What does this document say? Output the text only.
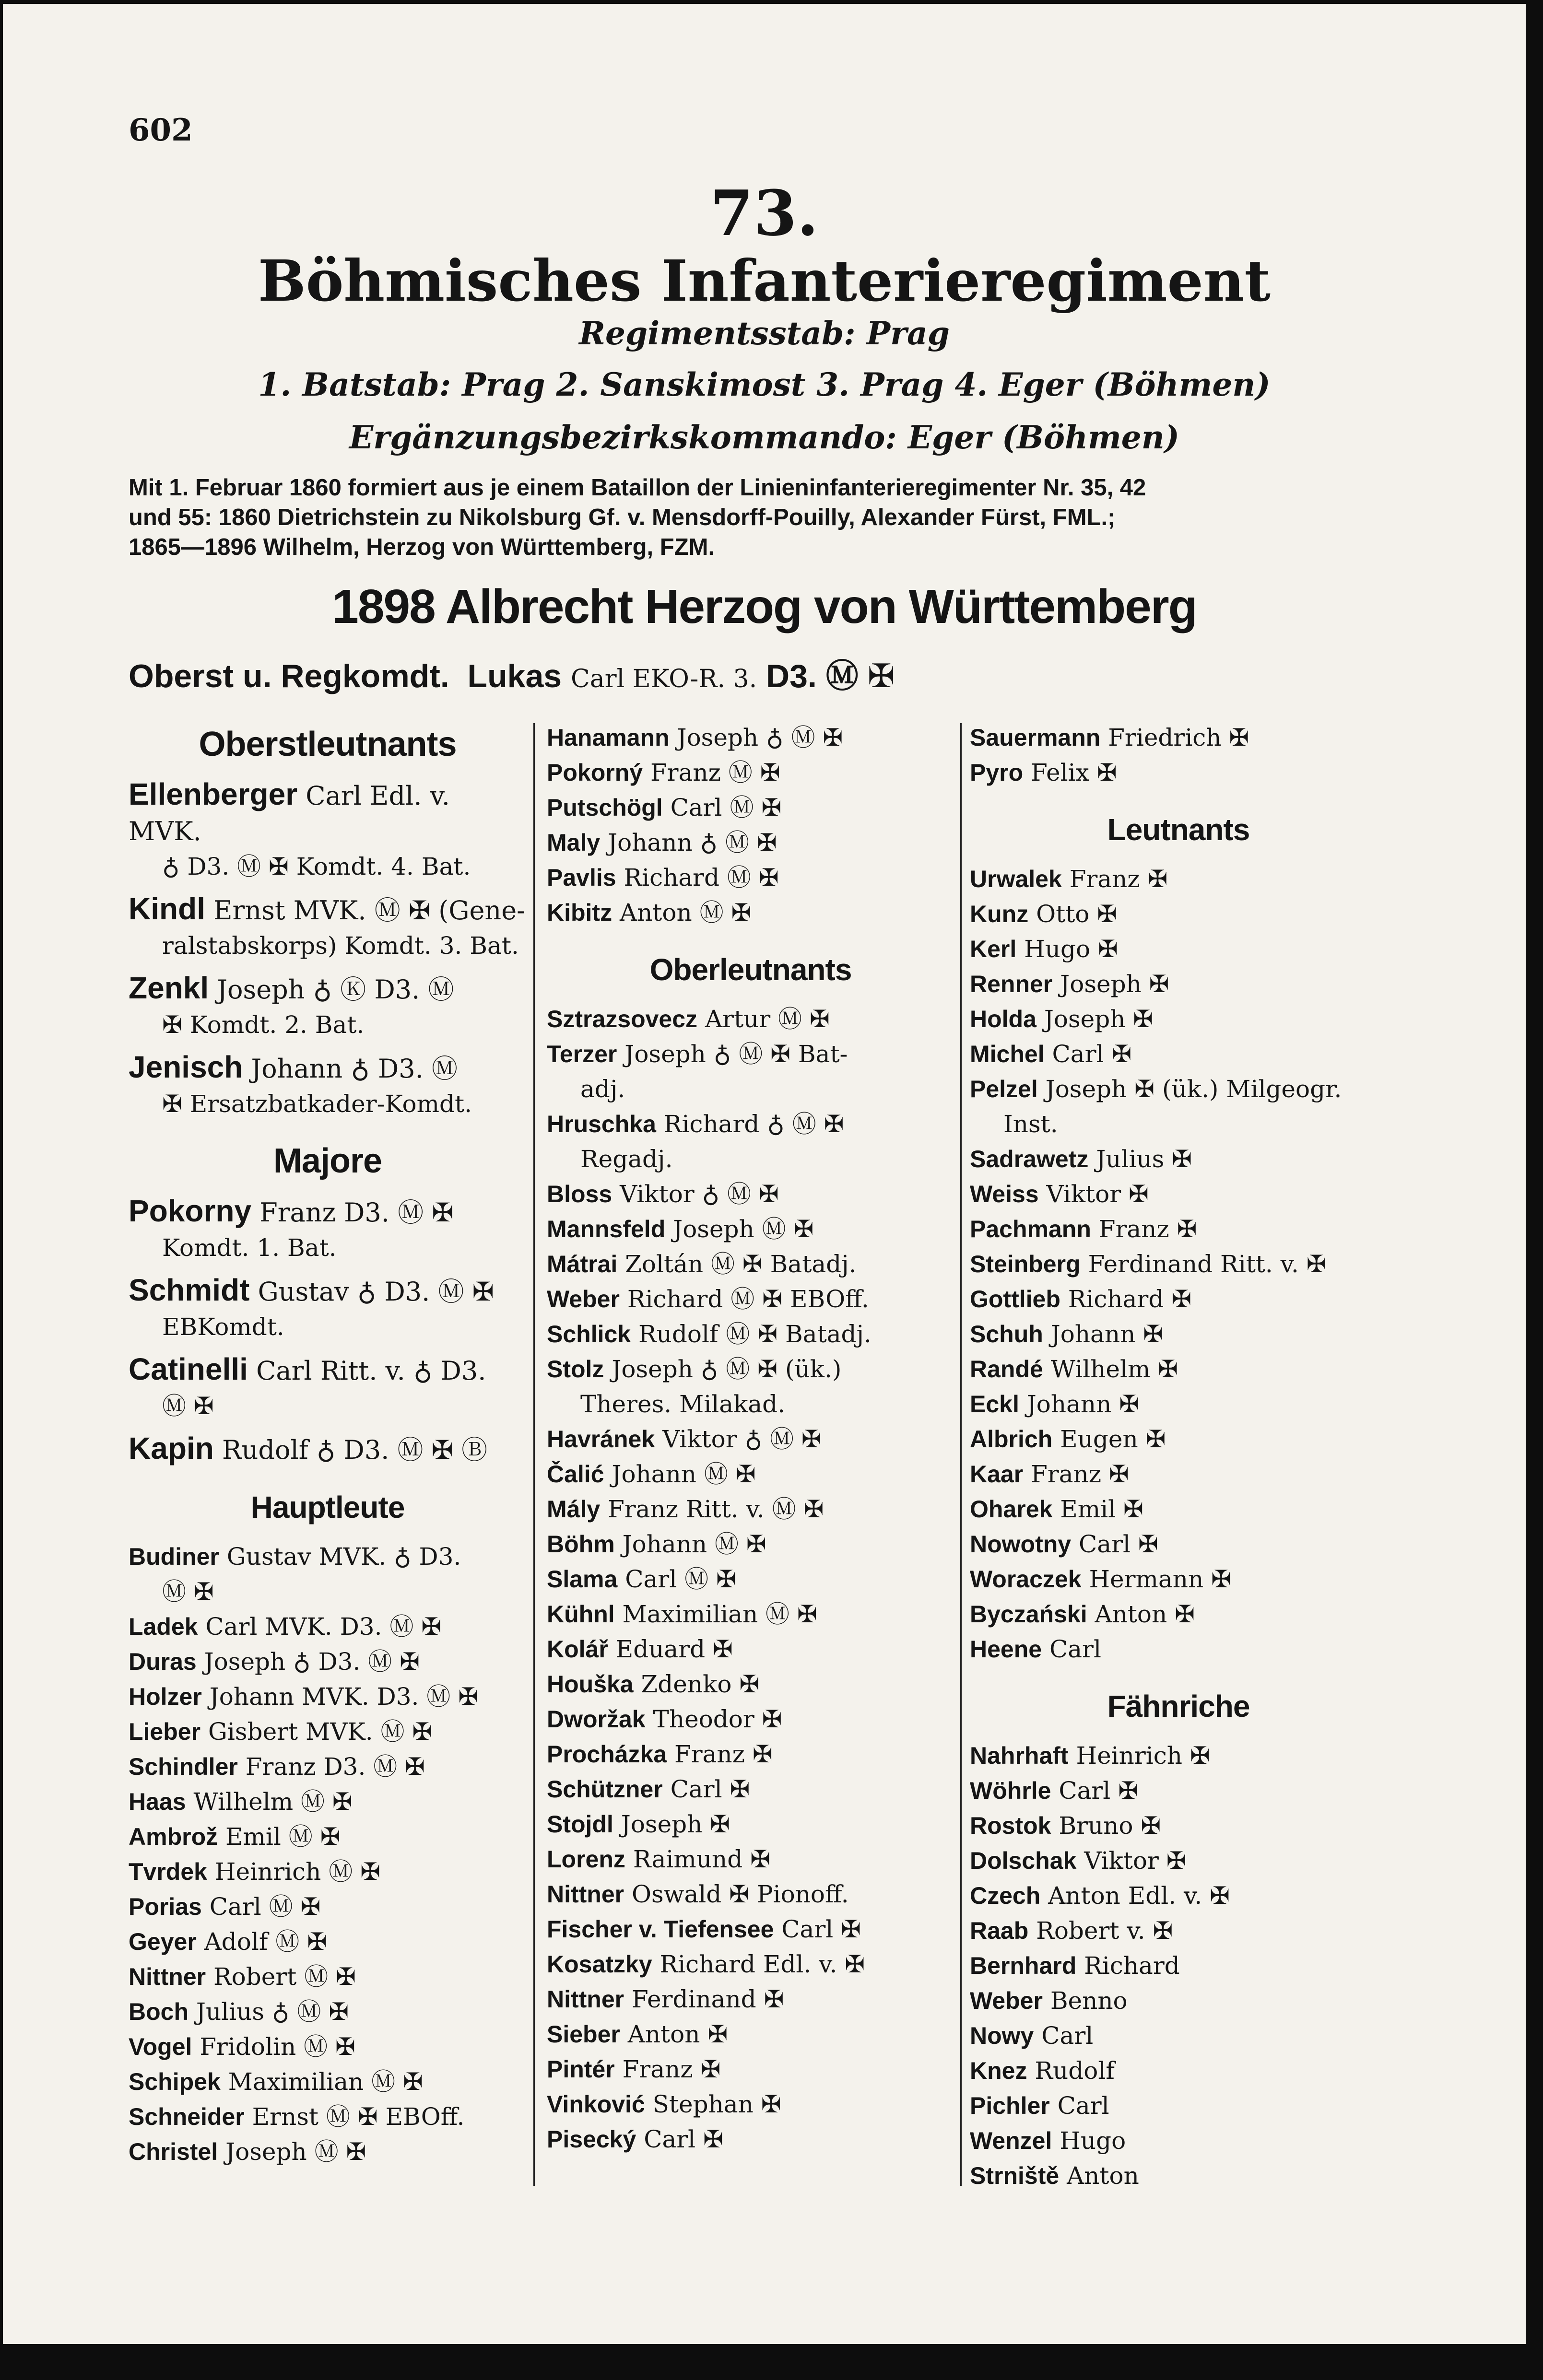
602
73.
Böhmisches Infanterieregiment
Regimentsstab: Prag
1. Batstab: Prag 2. Sanskimost 3. Prag 4. Eger (Böhmen)
Ergänzungsbezirkskommando: Eger (Böhmen)
Mit 1. Februar 1860 formiert aus je einem Bataillon der Linieninfanterieregimenter Nr. 35, 42
und 55: 1860 Dietrichstein zu Nikolsburg Gf. v. Mensdorff-Pouilly, Alexander Fürst, FML.;
1865—1896 Wilhelm, Herzog von Württemberg, FZM.
1898 Albrecht Herzog von Württemberg
Oberst u. Regkomdt. Lukas Carl EKO-R. 3. D3. Ⓜ ✠
Oberstleutnants
Ellenberger Carl Edl. v. MVK.
♁ D3. Ⓜ ✠ Komdt. 4. Bat.
Kindl Ernst MVK. Ⓜ ✠ (Gene-
ralstabskorps) Komdt. 3. Bat.
Zenkl Joseph ♁ Ⓚ D3. Ⓜ
✠ Komdt. 2. Bat.
Jenisch Johann ♁ D3. Ⓜ
✠ Ersatzbatkader-Komdt.
Majore
Pokorny Franz D3. Ⓜ ✠
Komdt. 1. Bat.
Schmidt Gustav ♁ D3. Ⓜ ✠
EBKomdt.
Catinelli Carl Ritt. v. ♁ D3.
Ⓜ ✠
Kapin Rudolf ♁ D3. Ⓜ ✠ Ⓑ
Hauptleute
Budiner Gustav MVK. ♁ D3.
Ⓜ ✠
Ladek Carl MVK. D3. Ⓜ ✠
Duras Joseph ♁ D3. Ⓜ ✠
Holzer Johann MVK. D3. Ⓜ ✠
Lieber Gisbert MVK. Ⓜ ✠
Schindler Franz D3. Ⓜ ✠
Haas Wilhelm Ⓜ ✠
Ambrož Emil Ⓜ ✠
Tvrdek Heinrich Ⓜ ✠
Porias Carl Ⓜ ✠
Geyer Adolf Ⓜ ✠
Nittner Robert Ⓜ ✠
Boch Julius ♁ Ⓜ ✠
Vogel Fridolin Ⓜ ✠
Schipek Maximilian Ⓜ ✠
Schneider Ernst Ⓜ ✠ EBOff.
Christel Joseph Ⓜ ✠
Hanamann Joseph ♁ Ⓜ ✠
Pokorný Franz Ⓜ ✠
Putschögl Carl Ⓜ ✠
Maly Johann ♁ Ⓜ ✠
Pavlis Richard Ⓜ ✠
Kibitz Anton Ⓜ ✠
Oberleutnants
Sztrazsovecz Artur Ⓜ ✠
Terzer Joseph ♁ Ⓜ ✠ Bat-
adj.
Hruschka Richard ♁ Ⓜ ✠
Regadj.
Bloss Viktor ♁ Ⓜ ✠
Mannsfeld Joseph Ⓜ ✠
Mátrai Zoltán Ⓜ ✠ Batadj.
Weber Richard Ⓜ ✠ EBOff.
Schlick Rudolf Ⓜ ✠ Batadj.
Stolz Joseph ♁ Ⓜ ✠ (ük.)
Theres. Milakad.
Havránek Viktor ♁ Ⓜ ✠
Čalić Johann Ⓜ ✠
Mály Franz Ritt. v. Ⓜ ✠
Böhm Johann Ⓜ ✠
Slama Carl Ⓜ ✠
Kühnl Maximilian Ⓜ ✠
Kolář Eduard ✠
Houška Zdenko ✠
Dworžak Theodor ✠
Procházka Franz ✠
Schützner Carl ✠
Stojdl Joseph ✠
Lorenz Raimund ✠
Nittner Oswald ✠ Pionoff.
Fischer v. Tiefensee Carl ✠
Kosatzky Richard Edl. v. ✠
Nittner Ferdinand ✠
Sieber Anton ✠
Pintér Franz ✠
Vinković Stephan ✠
Pisecký Carl ✠
Sauermann Friedrich ✠
Pyro Felix ✠
Leutnants
Urwalek Franz ✠
Kunz Otto ✠
Kerl Hugo ✠
Renner Joseph ✠
Holda Joseph ✠
Michel Carl ✠
Pelzel Joseph ✠ (ük.) Milgeogr.
Inst.
Sadrawetz Julius ✠
Weiss Viktor ✠
Pachmann Franz ✠
Steinberg Ferdinand Ritt. v. ✠
Gottlieb Richard ✠
Schuh Johann ✠
Randé Wilhelm ✠
Eckl Johann ✠
Albrich Eugen ✠
Kaar Franz ✠
Oharek Emil ✠
Nowotny Carl ✠
Woraczek Hermann ✠
Byczański Anton ✠
Heene Carl
Fähnriche
Nahrhaft Heinrich ✠
Wöhrle Carl ✠
Rostok Bruno ✠
Dolschak Viktor ✠
Czech Anton Edl. v. ✠
Raab Robert v. ✠
Bernhard Richard
Weber Benno
Nowy Carl
Knez Rudolf
Pichler Carl
Wenzel Hugo
Strniště Anton
